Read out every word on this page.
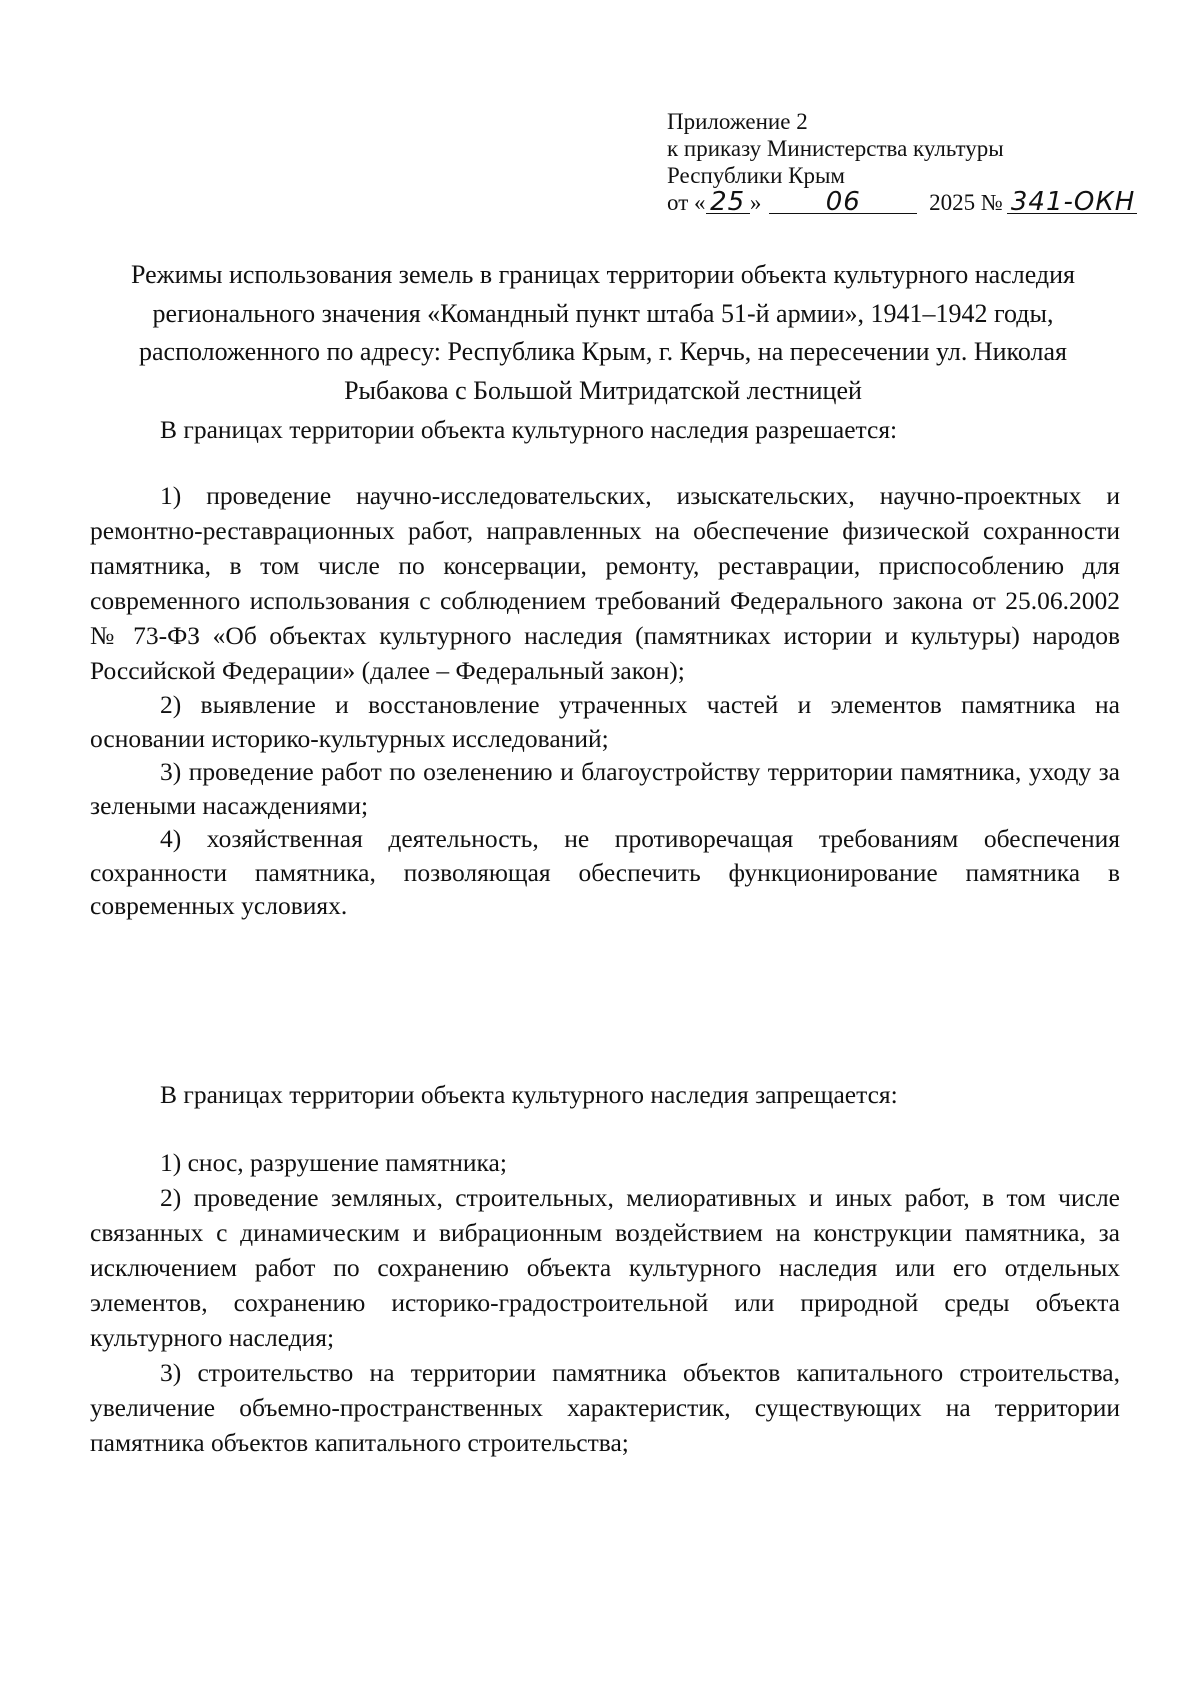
Приложение 2
к приказу Министерства культуры
Республики Крым
от « 25 »	06	2025 № 341-ОКН
Режимы использования земель в границах территории объекта культурного наследия регионального значения «Командный пункт штаба 51-й армии», 1941–1942 годы, расположенного по адресу: Республика Крым, г. Керчь, на пересечении ул. Николая Рыбакова с Большой Митридатской лестницей
В границах территории объекта культурного наследия разрешается:

1) проведение научно-исследовательских, изыскательских, научно-проектных и ремонтно-реставрационных работ, направленных на обеспечение физической сохранности памятника, в том числе по консервации, ремонту, реставрации, приспособлению для современного использования с соблюдением требований Федерального закона от 25.06.2002 № 73-ФЗ «Об объектах культурного наследия (памятниках истории и культуры) народов Российской Федерации» (далее – Федеральный закон);

2) выявление и восстановление утраченных частей и элементов памятника на основании историко-культурных исследований;

3) проведение работ по озеленению и благоустройству территории памятника, уходу за зелеными насаждениями;

4) хозяйственная деятельность, не противоречащая требованиям обеспечения сохранности памятника, позволяющая обеспечить функционирование памятника в современных условиях.

В границах территории объекта культурного наследия запрещается:

1) снос, разрушение памятника;

2) проведение земляных, строительных, мелиоративных и иных работ, в том числе связанных с динамическим и вибрационным воздействием на конструкции памятника, за исключением работ по сохранению объекта культурного наследия или его отдельных элементов, сохранению историко-градостроительной или природной среды объекта культурного наследия;

3) строительство на территории памятника объектов капитального строительства, увеличение объемно-пространственных характеристик, существующих на территории памятника объектов капитального строительства;
